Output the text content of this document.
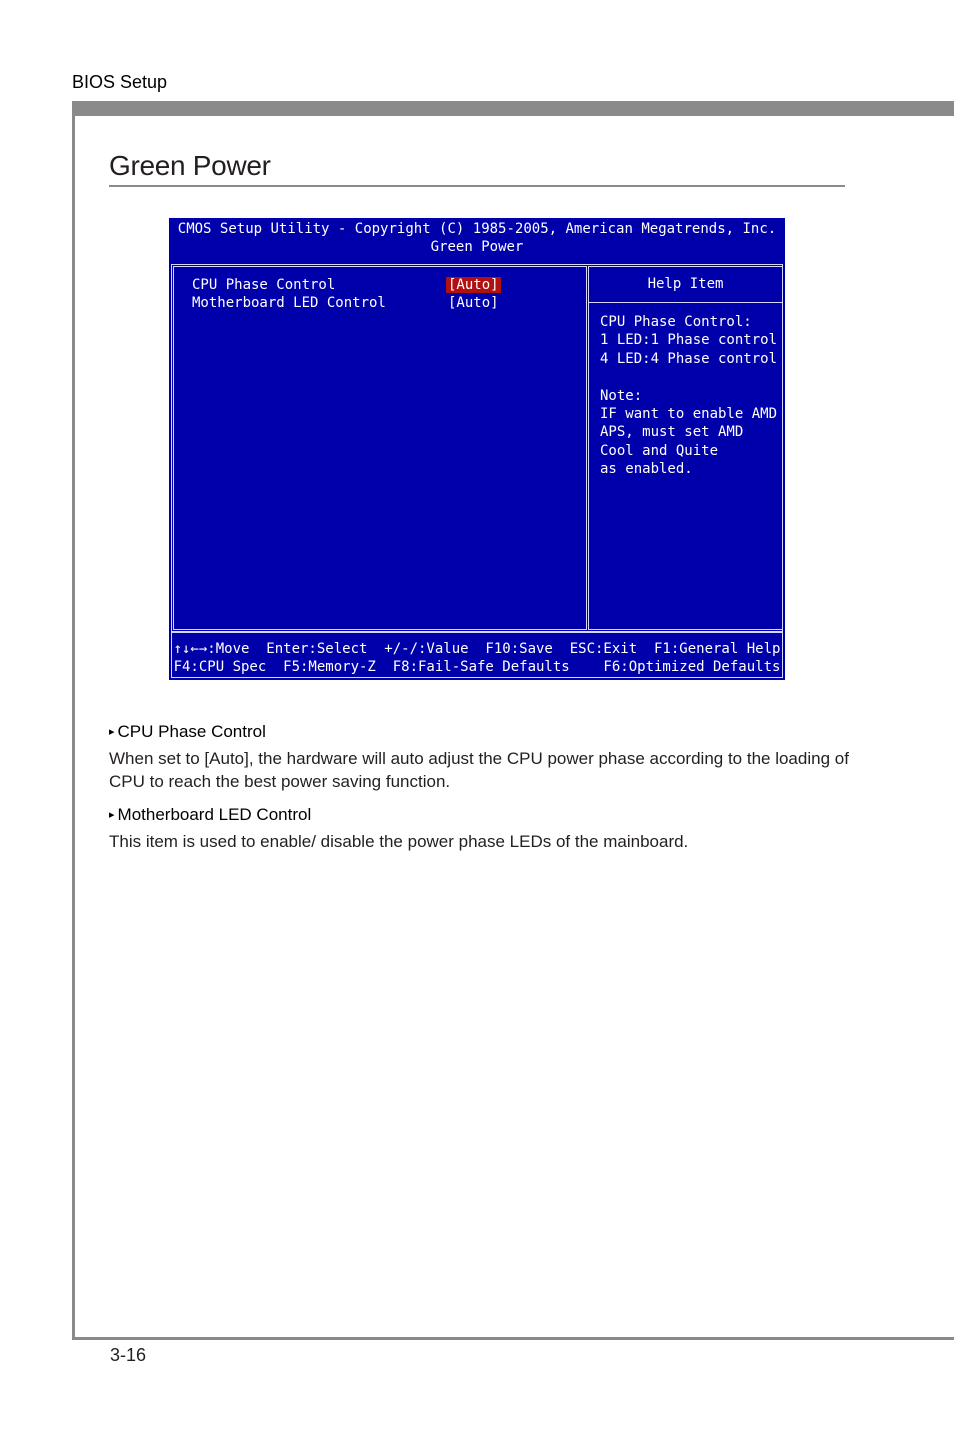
BIOS Setup
Green Power
CMOS Setup Utility - Copyright (C) 1985-2005, American Megatrends, Inc.
Green Power
CPU Phase Control	[Auto]
Motherboard LED Control	[Auto]
Help Item
CPU Phase Control:
1 LED:1 Phase control
4 LED:4 Phase control

Note:
IF want to enable AMD
APS, must set AMD
Cool and Quite
as enabled.
↑↓←→:Move  Enter:Select  +/-/:Value  F10:Save  ESC:Exit  F1:General Help
F4:CPU Spec  F5:Memory-Z  F8:Fail-Safe Defaults    F6:Optimized Defaults
▸ CPU Phase Control
When set to [Auto], the hardware will auto adjust the CPU power phase according to the loading of CPU to reach the best power saving function.
▸ Motherboard LED Control
This item is used to enable/ disable the power phase LEDs of the mainboard.
3-16
